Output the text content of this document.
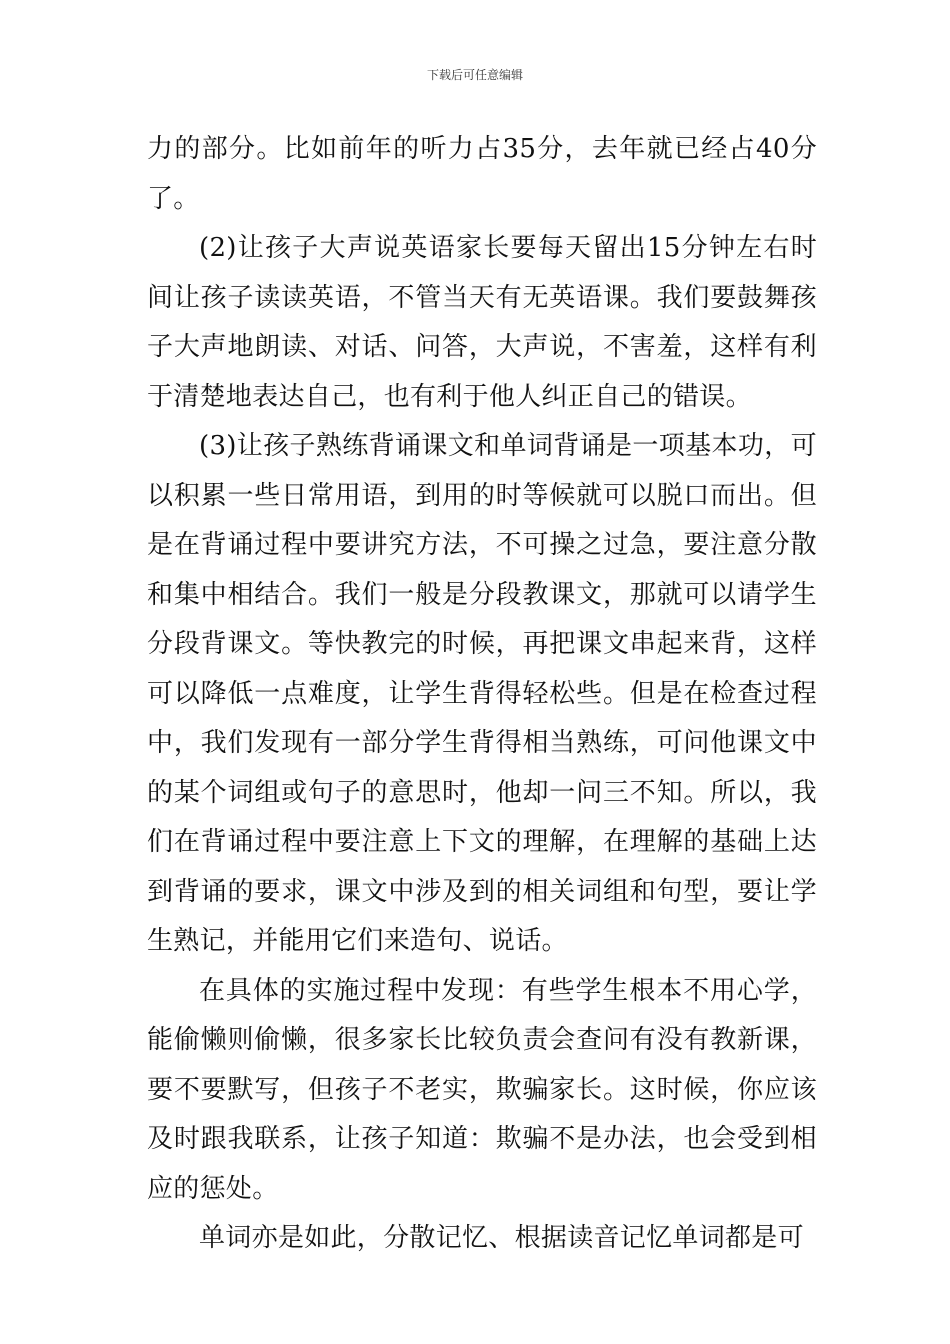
下载后可任意编辑

力的部分。比如前年的听力占35分，去年就已经占40分了。

(2)让孩子大声说英语家长要每天留出15分钟左右时间让孩子读读英语，不管当天有无英语课。我们要鼓舞孩子大声地朗读、对话、问答，大声说，不害羞，这样有利于清楚地表达自己，也有利于他人纠正自己的错误。

(3)让孩子熟练背诵课文和单词背诵是一项基本功，可以积累一些日常用语，到用的时等候就可以脱口而出。但是在背诵过程中要讲究方法，不可操之过急，要注意分散和集中相结合。我们一般是分段教课文，那就可以请学生分段背课文。等快教完的时候，再把课文串起来背，这样可以降低一点难度，让学生背得轻松些。但是在检查过程中，我们发现有一部分学生背得相当熟练，可问他课文中的某个词组或句子的意思时，他却一问三不知。所以，我们在背诵过程中要注意上下文的理解，在理解的基础上达到背诵的要求，课文中涉及到的相关词组和句型，要让学生熟记，并能用它们来造句、说话。

在具体的实施过程中发现：有些学生根本不用心学，能偷懒则偷懒，很多家长比较负责会查问有没有教新课，要不要默写，但孩子不老实，欺骗家长。这时候，你应该及时跟我联系，让孩子知道：欺骗不是办法，也会受到相应的惩处。

单词亦是如此，分散记忆、根据读音记忆单词都是可
